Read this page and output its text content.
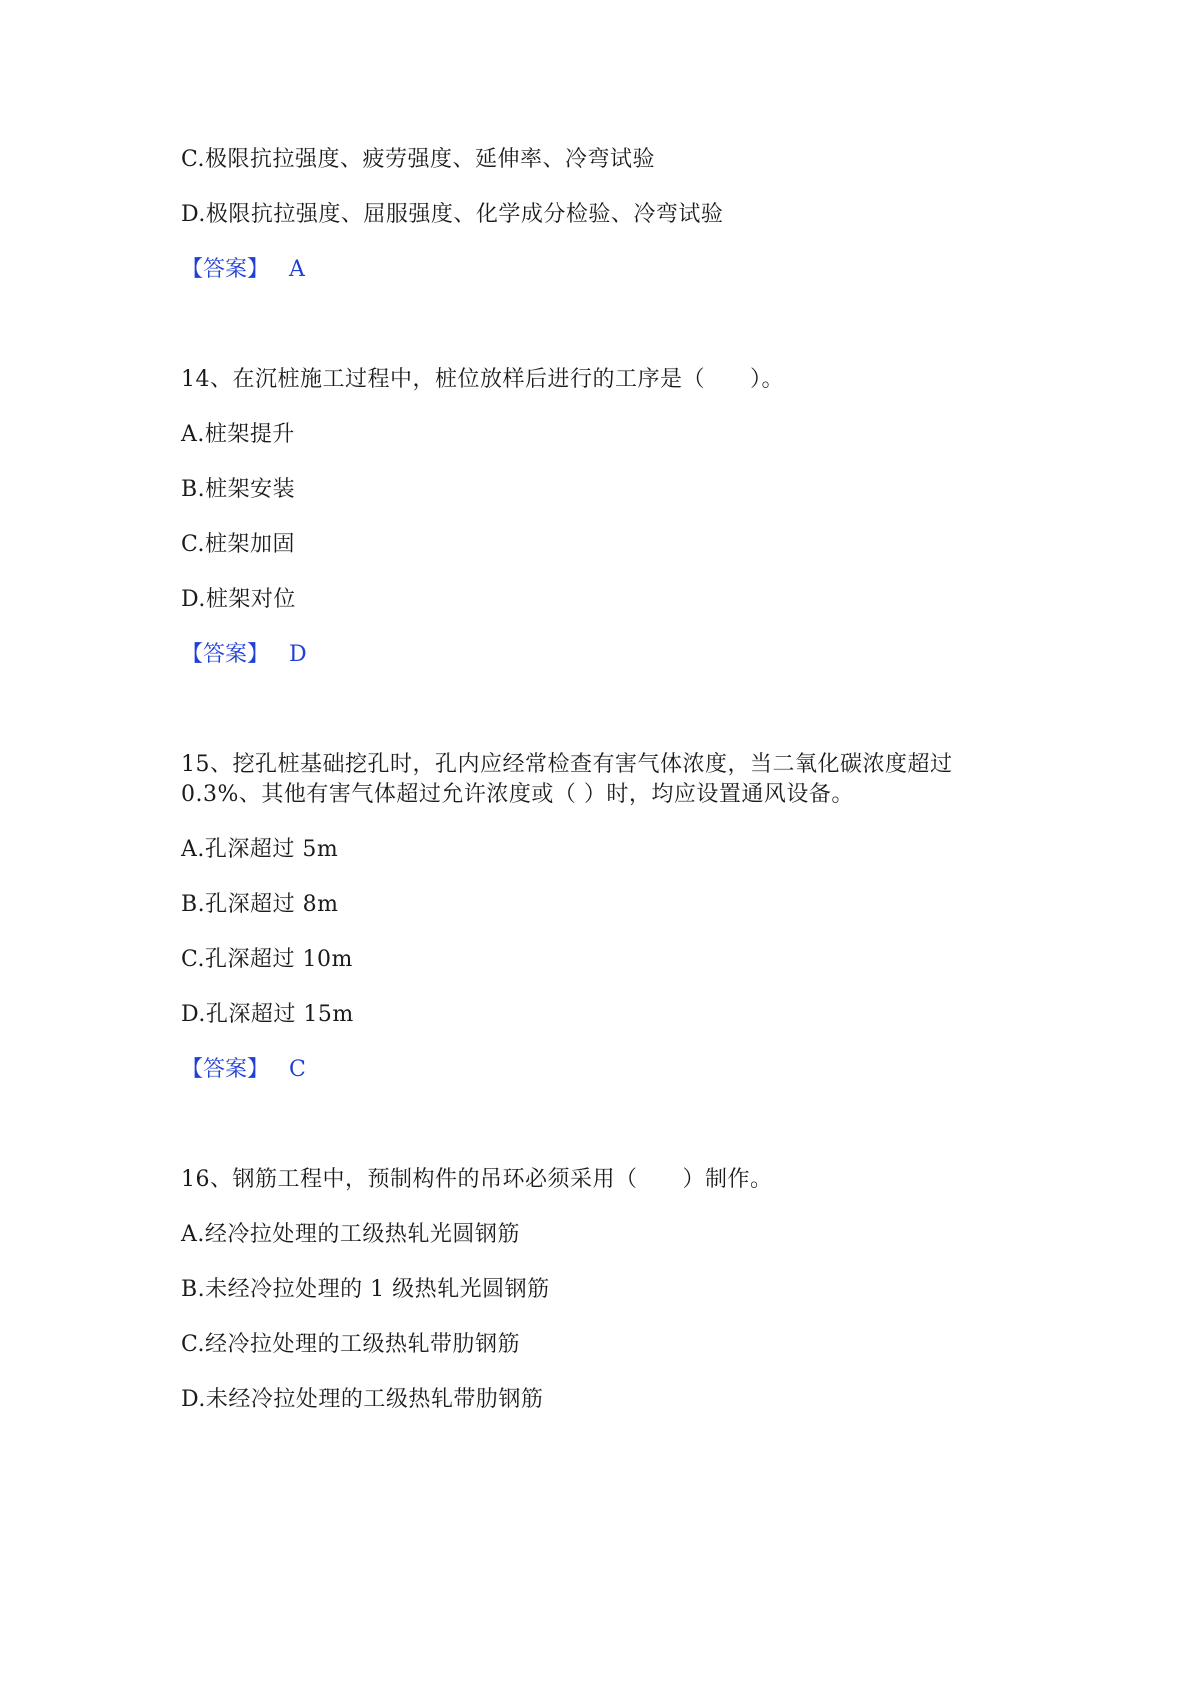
C.极限抗拉强度、疲劳强度、延伸率、冷弯试验
D.极限抗拉强度、屈服强度、化学成分检验、冷弯试验
【答案】 A
14、在沉桩施工过程中，桩位放样后进行的工序是（　　）。
A.桩架提升
B.桩架安装
C.桩架加固
D.桩架对位
【答案】 D
15、挖孔桩基础挖孔时，孔内应经常检查有害气体浓度，当二氧化碳浓度超过
0.3%、其他有害气体超过允许浓度或（ ）时，均应设置通风设备。
A.孔深超过 5m
B.孔深超过 8m
C.孔深超过 10m
D.孔深超过 15m
【答案】 C
16、钢筋工程中，预制构件的吊环必须采用（　　）制作。
A.经冷拉处理的工级热轧光圆钢筋
B.未经冷拉处理的 1 级热轧光圆钢筋
C.经冷拉处理的工级热轧带肋钢筋
D.未经冷拉处理的工级热轧带肋钢筋
